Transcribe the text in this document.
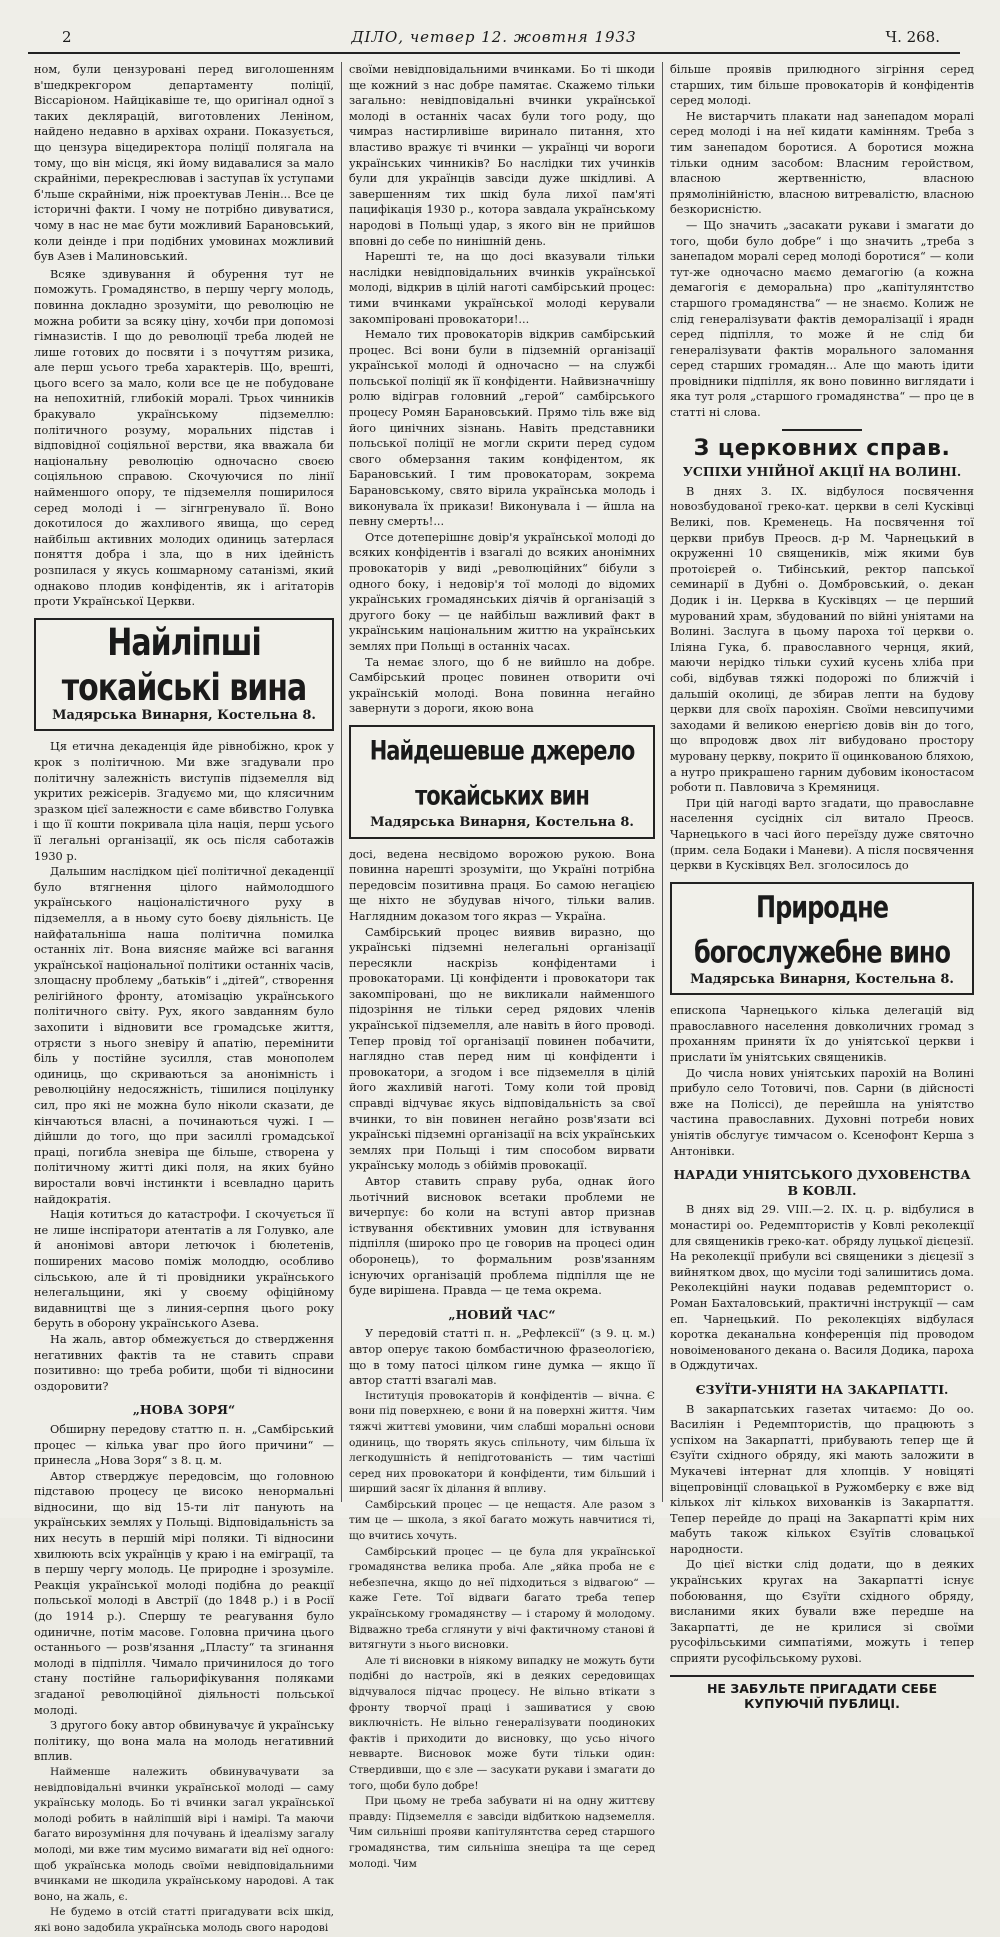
2	ДІЛО, четвер 12. жовтня 1933	Ч. 268.

ном, були цензуровані перед виголошенням в'шедкрекгором департаменту поліції, Віссаріоном. Найцікавіше те, що оригінал одної з таких деклярацій, виготовлених Леніном, найдено недавно в архівах охрани. Показується, що цензура віцедиректора поліції полягала на тому, що він місця, які йому видавалися за мало скрайніми, перекреслював і заступав їх уступами б'льше скрайніми, ніж проектував Ленін... Все це історичні факти. І чому не потрібно дивуватися, чому в нас не має бути можливий Барановський, коли деінде і при подібних умовинах можливий був Азев і Малиновський.

Всяке здивування й обурення тут не поможуть. Громадянство, в першу чергу молодь, повинна докладно зрозуміти, що революцію не можна робити за всяку ціну, хочби при допомозі гімназистів. І що до революції треба людей не лише готових до посвяти і з почуттям ризика, але перш усього треба характерів. Що, врешті, цього всего за мало, коли все це не побудоване на непохитній, глибокій моралі. Трьох чинників бракувало українському підземеллю: політичного розуму, моральних підстав і відповідної соціяльної верстви, яка вважала би національну революцію одночасно своєю соціяльною справою. Скочуючися по лінії найменшого опору, те підземелля поширилося серед молоді і — зігнгренувало її. Воно докотилося до жахливого явища, що серед найбільш активних молодих одиниць затерлася поняття добра і зла, що в них ідейність розпилася у якусь кошмарному сатанізмі, який однаково плодив конфідентів, як і агітаторів проти Української Церкви.

Найліпші токайські вина
Мадярська Винарня, Костельна 8.

Ця етична декаденція йде рівнобіжно, крок у крок з політичною. Ми вже згадували про політичну залежність виступів підземелля від укритих режісерів. Згадуємо ми, що клясичним зразком цієї залежности є саме вбивство Голувка і що її кошти покривала ціла нація, перш усього її легальні організації, як ось після саботажів 1930 р.

Дальшим наслідком цієї політичної декаденції було втягнення цілого наймолодшого українського націоналістичного руху в підземелля, а в ньому суто боєву діяльність. Це найфатальніша наша політична помилка останніх літ. Вона виясняє майже всі вагання української національної політики останніх часів, злощасну проблему „батьків“ і „дітей“, створення релігійного фронту, атомізацію українського політичного світу. Рух, якого завданням було захопити і відновити все громадське життя, отрясти з нього зневіру й апатію, перемінити біль у постійне зусилля, став монополем одиниць, що скриваються за анонімність і революційну недосяжність, тішилися поцілунку сил, про які не можна було ніколи сказати, де кінчаються власні, а починаються чужі. І — дійшли до того, що при засиллі громадської праці, погибла зневіра ще більше, створена у політичному житті дикі поля, на яких буйно виростали вовчі інстинкти і всевладно царить найдократія.

Нація котиться до катастрофи. І скочується її не лише інспіратори атентатів а ля Голувко, але й анонімові автори летючок і бюлетенів, поширених масово поміж молоддю, особливо сільською, але й ті провідники українського нелегальщини, які у своєму офіційному видавництві ще з линия-серпня цього року беруть в оборону українського Азева.

На жаль, автор обмежується до ствердження негативних фактів та не ставить справи позитивно: що треба робити, щоби ті відносини оздоровити?

„НОВА ЗОРЯ“

Обширну передову статтю п. н. „Самбірський процес — кілька уваг про його причини“ — принесла „Нова Зоря“ з 8. ц. м.

Автор стверджує передовсім, що головною підставою процесу це високо ненормальні відносини, що від 15-ти літ панують на українських землях у Польщі. Відповідальність за них несуть в першій мірі поляки. Ті відносини хвилюють всіх українців у краю і на еміграції, та в першу чергу молодь. Це природне і зрозуміле. Реакція української молоді подібна до реакції польської молоді в Австрії (до 1848 р.) і в Росії (до 1914 р.). Спершу те реагування було одиничне, потім масове. Головна причина цього останнього — розв'язання „Пласту“ та згинання молоді в підпілля. Чимало причинилося до того стану постійне гальорифікування поляками згаданої революційної діяльності польської молоді.

З другого боку автор обвинувачує й українську політику, що вона мала на молодь негативний вплив.

Найменше належить обвинувачувати за невідповідальні вчинки української молоді — саму українську молодь. Бо ті вчинки загал української молоді робить в найліпшій вірі і намірі. Та маючи багато вирозуміння для почувань й ідеалізму загалу молоді, ми вже тим мусимо вимагати від неї одного: щоб українська молодь своїми невідповідальними вчинками не шкодила українському народові. А так воно, на жаль, є.

Не будемо в отсій статті пригадувати всіх шкід, які воно задобила українська молодь свого народові

своїми невідповідальними вчинками. Бо ті шкоди ще кожний з нас добре памятає. Скажемо тільки загально: невідповідальні вчинки української молоді в останніх часах були того роду, що чимраз настирливіше вириналo питання, хто властиво вражує ті вчинки — українці чи вороги українських чинників? Бо наслідки тих учинків були для українців завсіди дуже шкідливі. А завершенням тих шкід була лихої пам'яті пацифікація 1930 р., котора завдала українському народові в Польщі удар, з якого він не прийшов вповні до себе по нинішній день.

Нарешті те, на що досі вказували тільки наслідки невідповідальних вчинків української молоді, відкрив в цілій наготі самбірський процес: тими вчинками української молоді керували закомпіровані провокатори!...

Немало тих провокаторів відкрив самбірський процес. Всі вони були в підземній організації української молоді й одночасно — на службі польської поліції як її конфіденти. Найвизначнішу ролю відіграв головний „герой“ самбірського процесу Ромян Барановський. Прямо тіль вже від його цинічних зізнань. Навіть представники польської поліції не могли скрити перед судом свого обмерзання таким конфідентом, як Барановський. І тим провокаторам, зокрема Барановському, свято вірила українська молодь і виконувала їх прикази! Виконувала і — йшла на певну смерть!...

Отсе дотеперішнє довір'я української молоді до всяких конфідентів і взагалі до всяких анонімних провокаторів у виді „революційних“ бібули з одного боку, і недовір'я тої молоді до відомих українських громадянських діячів й організацій з другого боку — це найбільш важливий факт в українським національним життю на українських землях при Польщі в останніх часах.

Та немає злого, що б не вийшло на добре. Самбірський процес повинен отворити очі українській молоді. Вона повинна негайно завернути з дороги, якою вона

Найдешевше джерело токайських вин
Мадярська Винарня, Костельна 8.

досі, ведена несвідомо ворожою рукою. Вона повинна нарешті зрозуміти, що Україні потрібна передовсім позитивна праця. Бо самою негацією ще ніхто не збудував нічого, тільки валив. Наглядним доказом того якраз — Україна.

Самбірський процес виявив виразно, що українські підземні нелегальні організації пересякли наскрізь конфідентами і провокаторами. Ці конфіденти і провокатори так закомпіровані, що не викликали найменшого підозріння не тільки серед рядових членів української підземелля, але навіть в його проводі. Тепер провід тої організації повинен побачити, наглядно став перед ним ці конфіденти і провокатори, а згодом і все підземелля в цілій його жахливій наготі. Тому коли той провід справді відчуває якусь відповідальність за свої вчинки, то він повинен негайно розв'язати всі українські підземні організації на всіх українських землях при Польщі і тим способом вирвати українську молодь з обіймів провокації.

Автор ставить справу руба, однак його льотічний висновок всетаки проблеми не вичерпує: бо коли на вступі автор признав іствування обєктивних умовин для іствування підпілля (широко про це говорив на процесі один оборонець), то формальним розв'язанням існуючих організацій проблема підпілля ще не буде вирішена. Правда — це тема окрема.

„НОВИЙ ЧАС“

У передовій статті п. н. „Рефлексії“ (з 9. ц. м.) автор оперує такою бомбастичною фразеологією, що в тому патосі цілком гине думка — якщо її автор статті взагалі мав.

Інституція провокаторів й конфідентів — вічна. Є вони під поверхнею, є вони й на поверхні життя. Чим тяжчі життєві умовини, чим слабші моральні основи одиниць, що творять якусь спільноту, чим більша їх легкодушність й непідготованість — тим частіші серед них провокатори й конфіденти, тим більший і ширший засяг їх ділання й впливу.

Самбірський процес — це нещастя. Але разом з тим це — школа, з якої багато можуть навчитися ті, що вчитись хочуть.

Самбірський процес — це була для української громадянства велика проба. Але „яйка проба не є небезпечна, якщо до неї підходиться з відвагою“ — каже Гете. Тої відваги багато треба тепер українському громадянству — і старому й молодому. Відважно треба сглянути у вічі фактичному станові й витягнути з нього висновки.

Але ті висновки в ніякому випадку не можуть бути подібні до настроїв, які в деяких середовищах відчувалося підчас процесу. Не вільно втікати з фронту творчої праці і зашиватися у свою виключність. Не вільно генералізувати поодиноких фактів і приходити до висновку, що усьо нічого невварте. Висновок може бути тільки один: Ствердивши, що є зле — засукати рукави і змагати до того, щоби було добре!

При цьому не треба забувати ні на одну життєву правду: Підземелля є завсіди відбиткою надземелля. Чим сильніші прояви капітулянтства серед старшого громадянства, тим сильніша знеціра та ще серед молоді. Чим

більше проявів прилюдного зігріння серед старших, тим більше провокаторів й конфідентів серед молоді.

Не вистарчить плакати над занепадом моралі серед молоді і на неї кидати камінням. Треба з тим занепадом боротися. А боротися можна тільки одним засобом: Власним геройством, власною жертвенністю, власною прямолінійністю, власною витревалістю, власною безкорисністю.

— Що значить „засакати рукави і змагати до того, щоби було добре“ і що значить „треба з занепадом моралі серед молоді боротися“ — коли тут-же одночасно маємо демагогію (а кожна демагогія є деморальна) про „капітулянтство старшого громадянства“ — не знаємо. Колиж не слід генералізувати фактів деморалізації і ярадн серед підпілля, то може й не слід би генералізувати фактів морального заломання серед старших громадян... Але що мають ідити провідники підпілля, як воно повинно виглядати і яка тут роля „старшого громадянства“ — про це в статті ні слова.

З церковних справ.
УСПІХИ УНІЙНОЇ АКЦІЇ НА ВОЛИНІ.

В днях 3. IX. відбулося посвячення новозбудованої греко-кат. церкви в селі Кусківці Великі, пов. Кременець. На посвячення тої церкви прибув Преосв. д-р М. Чарнецький в окруженні 10 священиків, між якими був протоієрей о. Тибінський, ректор папської семинарії в Дубні о. Домбровський, о. декан Додик і ін. Церква в Кусківцях — це перший мурований храм, збудований по війні уніятами на Волині. Заслуга в цьому пароха тої церкви о. Іліяна Гука, б. православного чернця, який, маючи нерідко тільки сухий кусень хліба при собі, відбував тяжкі подорожі по ближчій і дальшій околиці, де збирав лепти на будову церкви для своїх парохіян. Своїми невсипучими заходами й великою енергією довів він до того, що впродовж двох літ вибудовано простору муровану церкву, покрито її оцинкованою бляхою, а нутро прикрашено гарним дубовим іконостасом роботи п. Павловича з Кремяниця.

При цій нагоді варто згадати, що православне населення сусідніх сіл витало Преосв. Чарнецького в часі його переїзду дуже святочно (прим. села Бодаки і Маневи). А після посвячення церкви в Кусківцях Вел. зголосилось до

Природне богослужебне вино
Мадярська Винарня, Костельна 8.

епископа Чарнецького кілька делегацій від православного населення довколичних громад з проханням приняти їх до уніятської церкви і прислати їм уніятських священиків.

До числа нових уніятських парохій на Волині прибуло село Тотовичі, пов. Сарни (в дійсності вже на Поліссі), де перейшла на уніятство частина православних. Духовні потреби нових уніятів обслугує тимчасом о. Ксенофонт Керша з Антонівки.

НАРАДИ УНІЯТСЬКОГО ДУХОВЕНСТВА В КОВЛІ.

В днях від 29. VIII.—2. IX. ц. р. відбулися в монастирі оо. Редемптористів у Ковлі реколекції для священиків греко-кат. обряду луцької дієцезії. На реколекції прибули всі священики з дієцезії з вийнятком двох, що мусіли тоді залишитись дома. Реколекційні науки подавав редемпторист о. Роман Бахталовський, практичні інструкції — сам еп. Чарнецький. По реколекціях відбулася коротка деканальна конференція під проводом новоіменованого декана о. Василя Додика, пароха в Одждутичах.

ЄЗУЇТИ-УНІЯТИ НА ЗАКАРПАТТІ.

В закарпатських газетах читаємо: До оо. Василіян і Редемптористів, що працюють з успіхом на Закарпатті, прибувають тепер ще й Єзуїти східного обряду, які мають заложити в Мукачеві інтернат для хлопців. У новіцяті віцепровінції словацької в Ружомберку є вже від кількох літ кількох вихованків із Закарпаття. Тепер перейде до праці на Закарпатті крім них мабуть також кількох Єзуїтів словацької народности.

До цієї вістки слід додати, що в деяких українських кругах на Закарпатті існує побоювання, що Єзуїти східного обряду, висланими яких бували вже передше на Закарпатті, де не крилися зі своїми русофільськими симпатіями, можуть і тепер сприяти русофільському рухові.

НЕ ЗАБУЛЬТЕ ПРИГАДАТИ СЕБЕ КУПУЮЧІЙ ПУБЛИЦІ.
